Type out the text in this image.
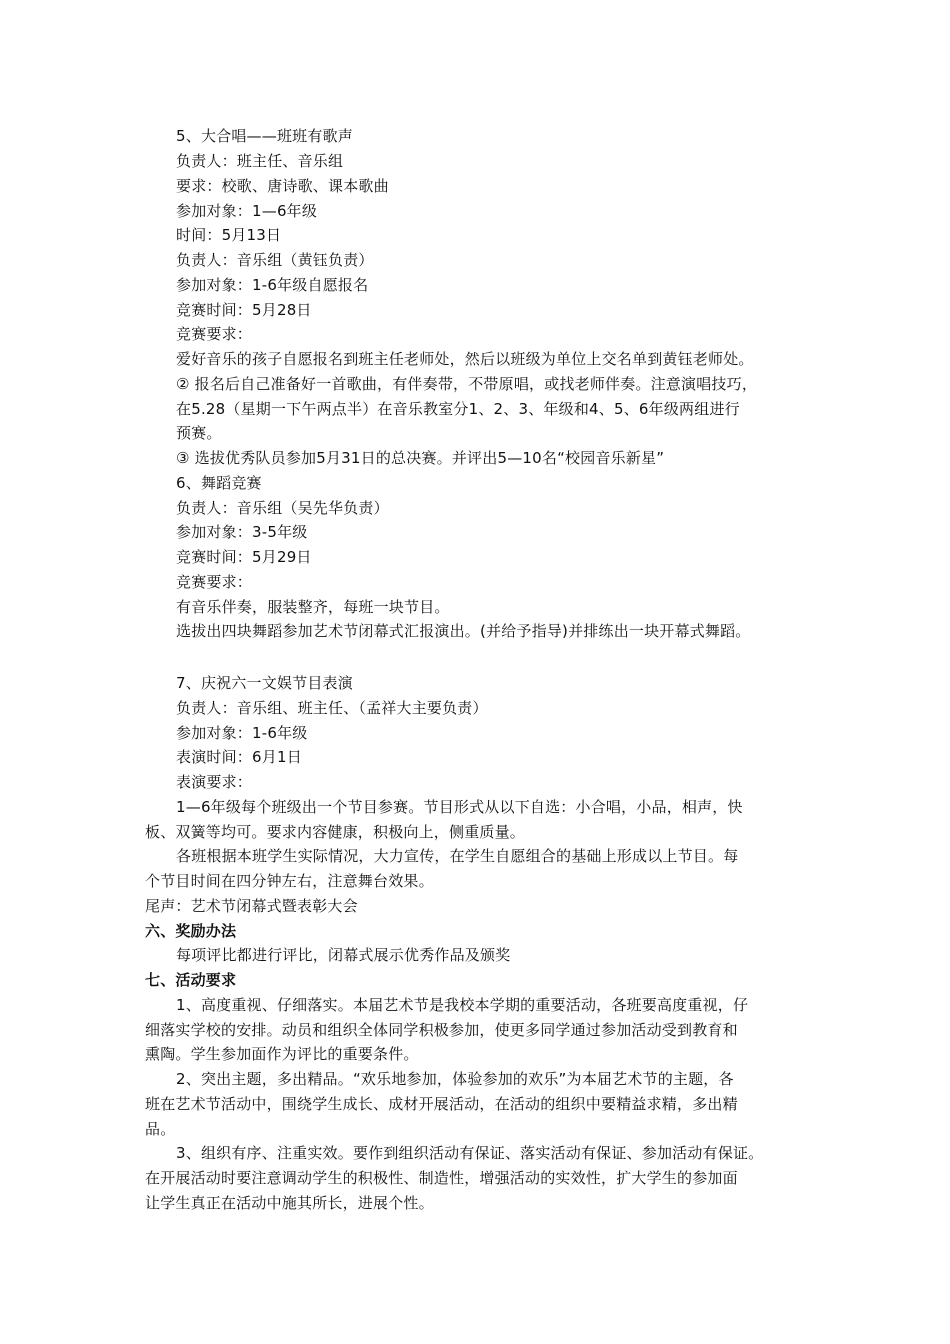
5、大合唱——班班有歌声
负责人：班主任、音乐组
要求：校歌、唐诗歌、课本歌曲
参加对象：1—6年级
时间：5月13日
负责人：音乐组（黄钰负责）
参加对象：1-6年级自愿报名
竞赛时间：5月28日
竞赛要求：
爱好音乐的孩子自愿报名到班主任老师处，然后以班级为单位上交名单到黄钰老师处。
② 报名后自己准备好一首歌曲，有伴奏带，不带原唱，或找老师伴奏。注意演唱技巧，
在5.28（星期一下午两点半）在音乐教室分1、2、3、年级和4、5、6年级两组进行
预赛。
③ 选拔优秀队员参加5月31日的总决赛。并评出5—10名“校园音乐新星”
6、舞蹈竞赛
负责人：音乐组（吴先华负责）
参加对象：3-5年级
竞赛时间：5月29日
竞赛要求：
有音乐伴奏，服装整齐，每班一块节目。
选拔出四块舞蹈参加艺术节闭幕式汇报演出。(并给予指导)并排练出一块开幕式舞蹈。
7、庆祝六一文娱节目表演
负责人：音乐组、班主任、（孟祥大主要负责）
参加对象：1-6年级
表演时间：6月1日
表演要求：
1—6年级每个班级出一个节目参赛。节目形式从以下自选：小合唱，小品，相声，快
板、双簧等均可。要求内容健康，积极向上，侧重质量。
各班根据本班学生实际情况，大力宣传，在学生自愿组合的基础上形成以上节目。每
个节目时间在四分钟左右，注意舞台效果。
尾声：艺术节闭幕式暨表彰大会
六、奖励办法
每项评比都进行评比，闭幕式展示优秀作品及颁奖
七、活动要求
1、高度重视、仔细落实。本届艺术节是我校本学期的重要活动，各班要高度重视，仔
细落实学校的安排。动员和组织全体同学积极参加，使更多同学通过参加活动受到教育和
熏陶。学生参加面作为评比的重要条件。
2、突出主题，多出精品。“欢乐地参加，体验参加的欢乐”为本届艺术节的主题，各
班在艺术节活动中，围绕学生成长、成材开展活动，在活动的组织中要精益求精，多出精
品。
3、组织有序、注重实效。要作到组织活动有保证、落实活动有保证、参加活动有保证。
在开展活动时要注意调动学生的积极性、制造性，增强活动的实效性，扩大学生的参加面
让学生真正在活动中施其所长，进展个性。
